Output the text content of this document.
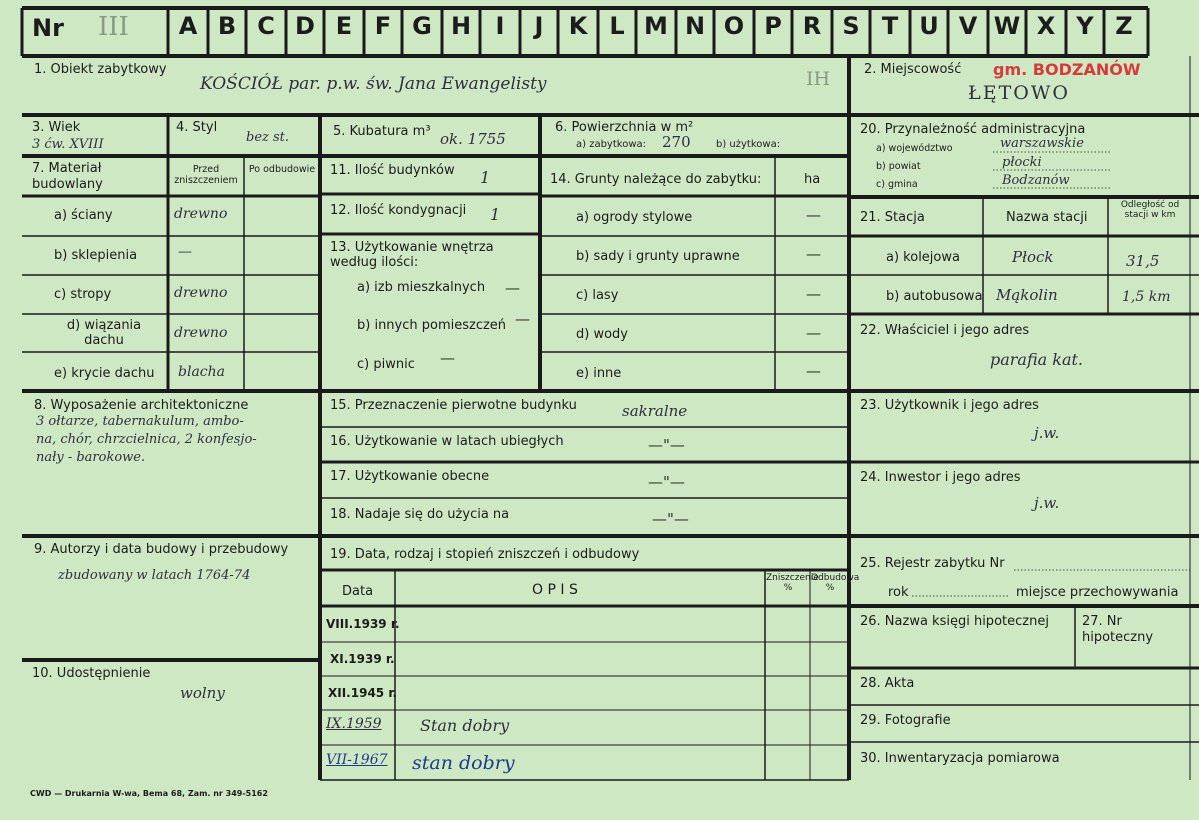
Nr III	A B C D E F G H	I	J	K L M N O P R S T U V W X Y Z
1. Obiekt zabytkowy
KOŚCIÓŁ par. p.w. św. Jana Ewangelisty	IH	2. Miejscowość gm. BODZANÓW
ŁĘTOWO
3. Wiek
3 ćw. XVIII
4. Styl
bez st.	5. Kubatura m³ ok. 1755
6. Powierzchnia w m²
a) zabytkowa: 270	b) użytkowa:
7. Materiał budowlany
Przed zniszczeniem
Po odbudowie
a) ściany	drewno
b) sklepienia	—
c) stropy	drewno
d) wiązania dachu	drewno
e) krycie dachu blacha
11. Ilość budynków 1
12. Ilość kondygnacji 1
13. Użytkowanie wnętrza według ilości:
a) izb mieszkalnych —
b) innych pomieszczeń —
c) piwnic —
14. Grunty należące do zabytku:	ha
a) ogrody stylowe	—
b) sady i grunty uprawne	—
c) lasy	—
d) wody	—
e) inne	—
20. Przynależność administracyjna
a) województwo	warszawskie
b) powiat	płocki
c) gmina	Bodzanów
21. Stacja	Nazwa stacji
Odległość od stacji w km
a) kolejowa	Płock	31,5
b) autobusowa Mąkolin	1,5 km
22. Właściciel i jego adres
parafia kat.
8. Wyposażenie architektoniczne
3 ołtarze, tabernakulum, ambo-
na, chór, chrzcielnica, 2 konfesjo-
nały - barokowe.
15. Przeznaczenie pierwotne budynku	sakralne
16. Użytkowanie w latach ubiegłych	—"—
17. Użytkowanie obecne	—"—
18. Nadaje się do użycia na	—"—
23. Użytkownik i jego adres
j.w.
24. Inwestor i jego adres
j.w.
9. Autorzy i data budowy i przebudowy
zbudowany w latach 1764-74
10. Udostępnienie
wolny
19. Data, rodzaj i stopień zniszczeń i odbudowy
Data	O P I S
Zniszczenie %
Odbudowa %
VIII.1939 r.
XI.1939 r.
XII.1945 r.
IX.1959 Stan dobry
VII-1967 stan dobry
25. Rejestr zabytku Nr
rok	miejsce przechowywania
26. Nazwa księgi hipotecznej	27. Nr hipoteczny
28. Akta
29. Fotografie
30. Inwentaryzacja pomiarowa
CWD — Drukarnia W-wa, Bema 68, Zam. nr 349-5162
